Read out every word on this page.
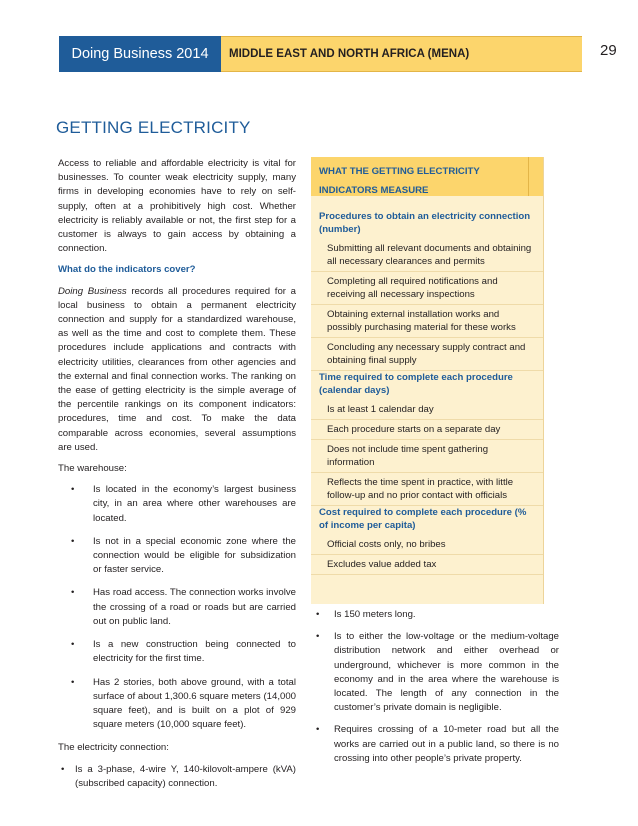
Doing Business 2014	MIDDLE EAST AND NORTH AFRICA (MENA)	29
GETTING ELECTRICITY

Access to reliable and affordable electricity is vital for businesses. To counter weak electricity supply, many firms in developing economies have to rely on self-supply, often at a prohibitively high cost. Whether electricity is reliably available or not, the first step for a customer is always to gain access by obtaining a connection.

What do the indicators cover?

Doing Business records all procedures required for a local business to obtain a permanent electricity connection and supply for a standardized warehouse, as well as the time and cost to complete them. These procedures include applications and contracts with electricity utilities, clearances from other agencies and the external and final connection works. The ranking on the ease of getting electricity is the simple average of the percentile rankings on its component indicators: procedures, time and cost. To make the data comparable across economies, several assumptions are used.

The warehouse:

• Is located in the economy’s largest business city, in an area where other warehouses are located.
• Is not in a special economic zone where the connection would be eligible for subsidization or faster service.
• Has road access. The connection works involve the crossing of a road or roads but are carried out on public land.
• Is a new construction being connected to electricity for the first time.
• Has 2 stories, both above ground, with a total surface of about 1,300.6 square meters (14,000 square feet), and is built on a plot of 929 square meters (10,000 square feet).

The electricity connection:

• Is a 3-phase, 4-wire Y, 140-kilovolt-ampere (kVA) (subscribed capacity) connection.
WHAT THE GETTING ELECTRICITY
INDICATORS MEASURE
Procedures to obtain an electricity connection (number)
Submitting all relevant documents and obtaining all necessary clearances and permits
Completing all required notifications and receiving all necessary inspections
Obtaining external installation works and possibly purchasing material for these works
Concluding any necessary supply contract and obtaining final supply
Time required to complete each procedure (calendar days)
Is at least 1 calendar day
Each procedure starts on a separate day
Does not include time spent gathering information
Reflects the time spent in practice, with little follow-up and no prior contact with officials
Cost required to complete each procedure (% of income per capita)
Official costs only, no bribes
Excludes value added tax
• Is 150 meters long.
• Is to either the low-voltage or the medium-voltage distribution network and either overhead or underground, whichever is more common in the economy and in the area where the warehouse is located. The length of any connection in the customer’s private domain is negligible.
• Requires crossing of a 10-meter road but all the works are carried out in a public land, so there is no crossing into other people’s private property.
